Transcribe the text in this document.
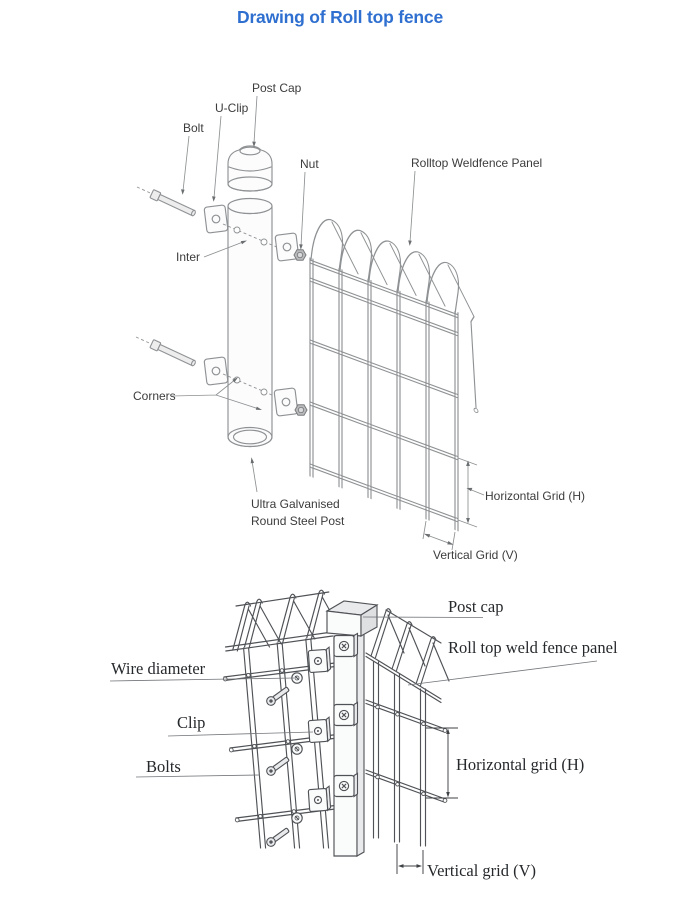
Drawing of Roll top fence
Post Cap
U-Clip
Bolt
Nut	Rolltop Weldfence Panel
Inter
Corners
Ultra Galvanised
Round Steel Post
Horizontal Grid (H)
Vertical Grid (V)
Post cap
Roll top weld fence panel
Wire diameter
Clip
Bolts	Horizontal grid (H)
Vertical grid (V)
